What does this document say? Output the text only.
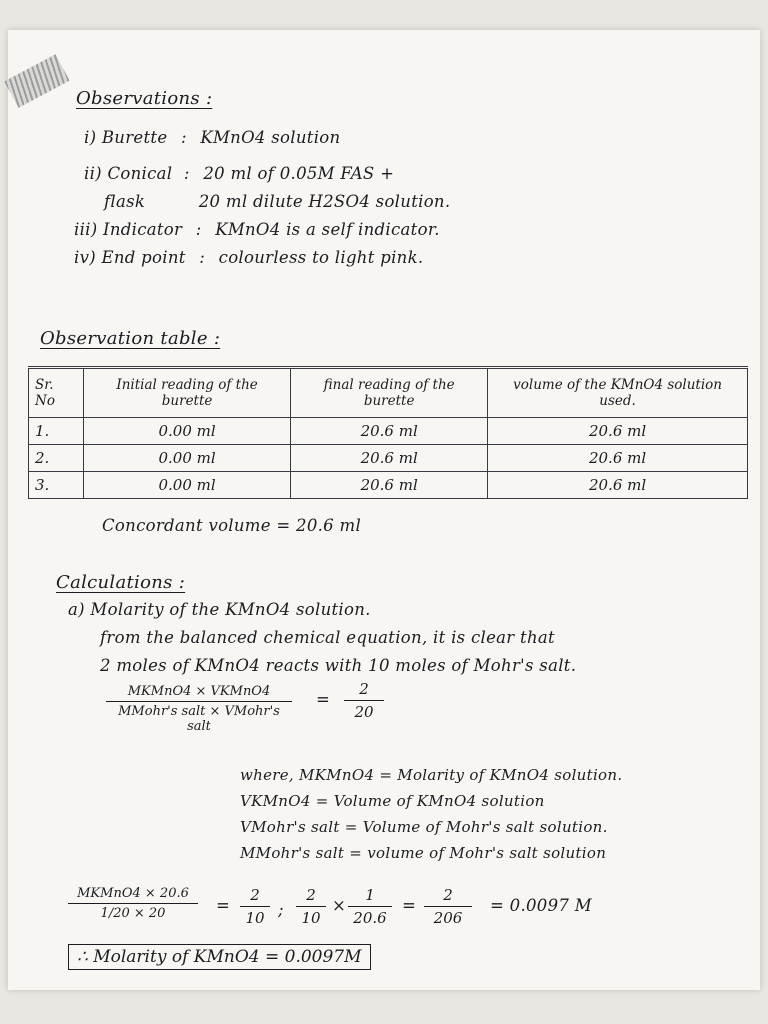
Observations :
i) Burette : KMnO4 solution
ii) Conical : 20 ml of 0.05M FAS +
flask	20 ml dilute H2SO4 solution.
iii) Indicator : KMnO4 is a self indicator.
iv) End point : colourless to light pink.
Observation table :
Sr. No	Initial reading of the burette	final reading of the burette	volume of the KMnO4 solution used.
1.	0.00 ml	20.6 ml	20.6 ml
2.	0.00 ml	20.6 ml	20.6 ml
3.	0.00 ml	20.6 ml	20.6 ml
Concordant volume = 20.6 ml
Calculations :
a) Molarity of the KMnO4 solution.
from the balanced chemical equation, it is clear that
2 moles of KMnO4 reacts with 10 moles of Mohr's salt.
MKMnO4 × VKMnO4
MMohr's salt × VMohr's salt
= $\frac{2}{20}$
where, MKMnO4 = Molarity of KMnO4 solution.
VKMnO4 = Volume of KMnO4 solution
VMohr's salt = Volume of Mohr's salt solution.
MMohr's salt = volume of Mohr's salt solution
MKMnO4 × 20.6
1/20 × 20	= $\frac{2}{10}$ ; $\frac{2}{10} \times \frac{1}{20.6} = \frac{2}{206} = 0.0097$ M
∴ Molarity of KMnO4 = 0.0097M
